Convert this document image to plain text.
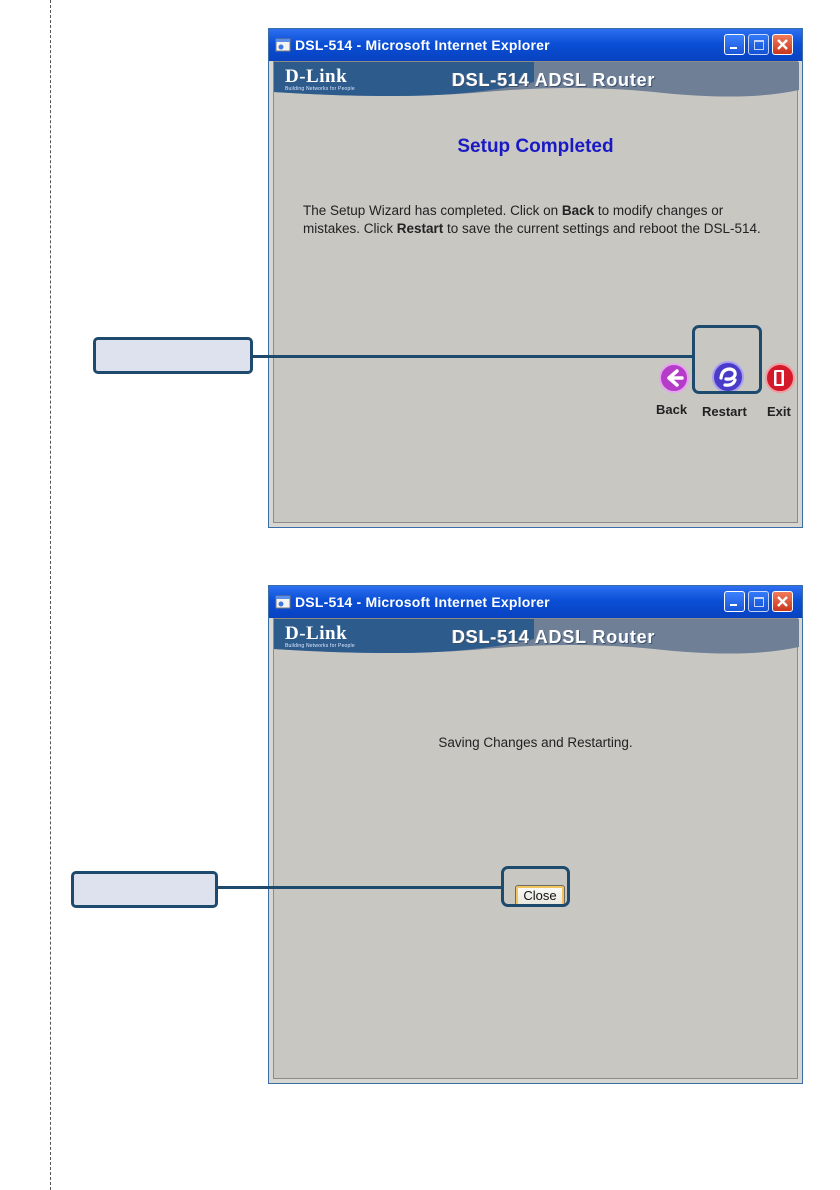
DSL-514 - Microsoft Internet Explorer
D-Link
Building Networks for People	DSL-514 ADSL Router
Setup Completed
The Setup Wizard has completed. Click on Back to modify changes or mistakes. Click Restart to save the current settings and reboot the DSL-514.
Back Restart Exit
DSL-514 - Microsoft Internet Explorer
D-Link
Building Networks for People	DSL-514 ADSL Router
Saving Changes and Restarting.
Close
